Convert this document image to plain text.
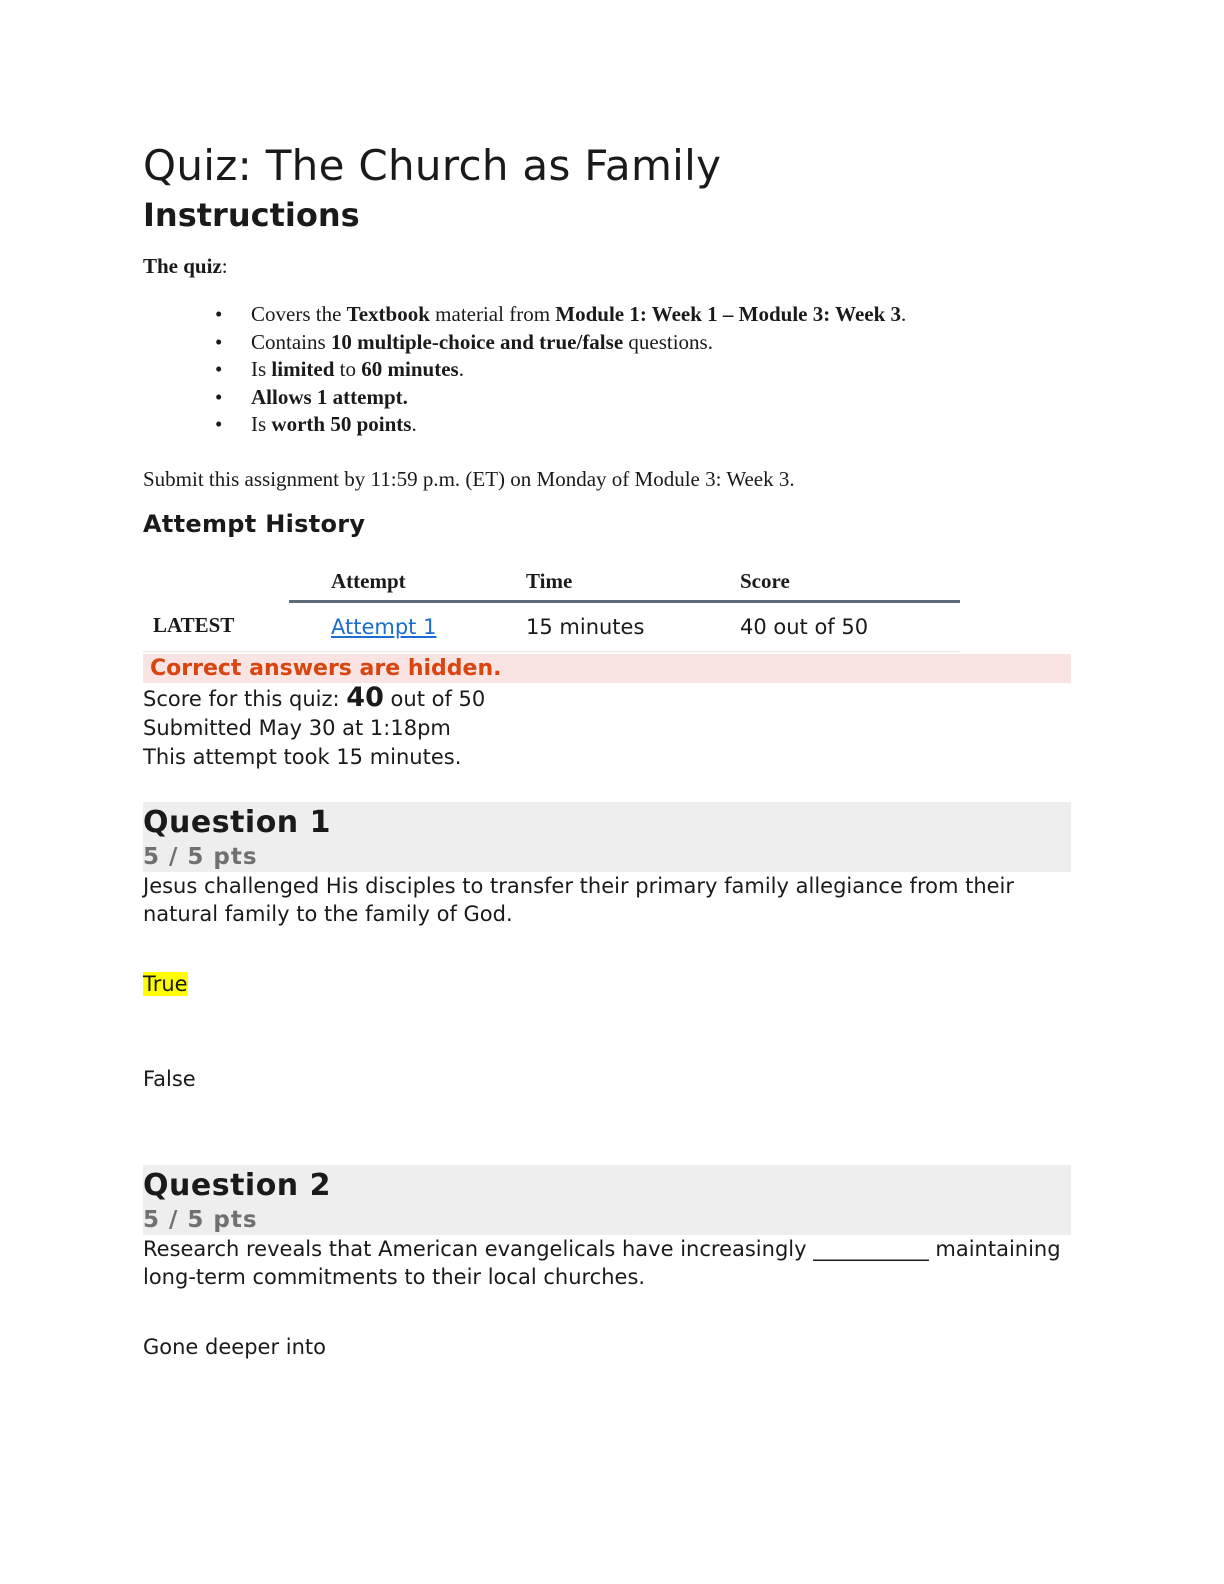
Quiz: The Church as Family
Instructions

The quiz:

• Covers the Textbook material from Module 1: Week 1 – Module 3: Week 3.
• Contains 10 multiple-choice and true/false questions.
• Is limited to 60 minutes.
• Allows 1 attempt.
• Is worth 50 points.

Submit this assignment by 11:59 p.m. (ET) on Monday of Module 3: Week 3.

Attempt History
	Attempt	Time	Score
LATEST	Attempt 1	15 minutes	40 out of 50
Correct answers are hidden.
Score for this quiz: 40 out of 50
Submitted May 30 at 1:18pm
This attempt took 15 minutes.
Question 1
5 / 5 pts
Jesus challenged His disciples to transfer their primary family allegiance from their natural family to the family of God.
True
False
Question 2
5 / 5 pts
Research reveals that American evangelicals have increasingly ___________ maintaining long-term commitments to their local churches.
Gone deeper into
